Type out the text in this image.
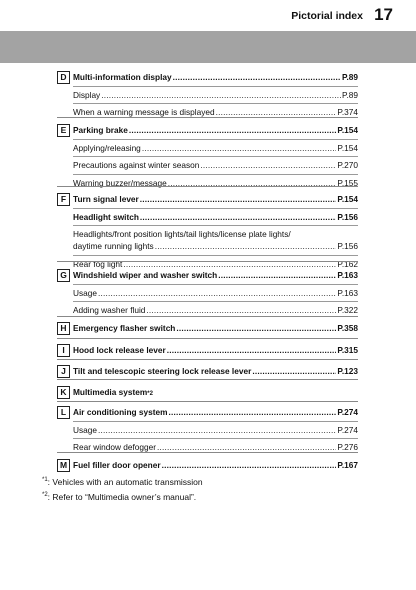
Pictorial index 17
D Multi-information display .....	P.89
Display .....	P.89
When a warning message is displayed .....	P.374
E Parking brake .....	P.154
Applying/releasing .....	P.154
Precautions against winter season .....	P.270
Warning buzzer/message .....	P.155
F Turn signal lever .....	P.154
Headlight switch .....	P.156
Headlights/front position lights/tail lights/license plate lights/
daytime running lights .....	P.156
Rear fog light .....	P.162
G Windshield wiper and washer switch .....	P.163
Usage .....	P.163
Adding washer fluid .....	P.322
H Emergency flasher switch .....	P.358
I	Hood lock release lever .....	P.315
J Tilt and telescopic steering lock release lever .....	P.123
K Multimedia system$_{*2}$
L Air conditioning system .....	P.274
Usage .....	P.274
Rear window defogger .....	P.276
M Fuel filler door opener .....	P.167
$^{*1}$: Vehicles with an automatic transmission
$^{*2}$: Refer to “Multimedia owner’s manual”.
